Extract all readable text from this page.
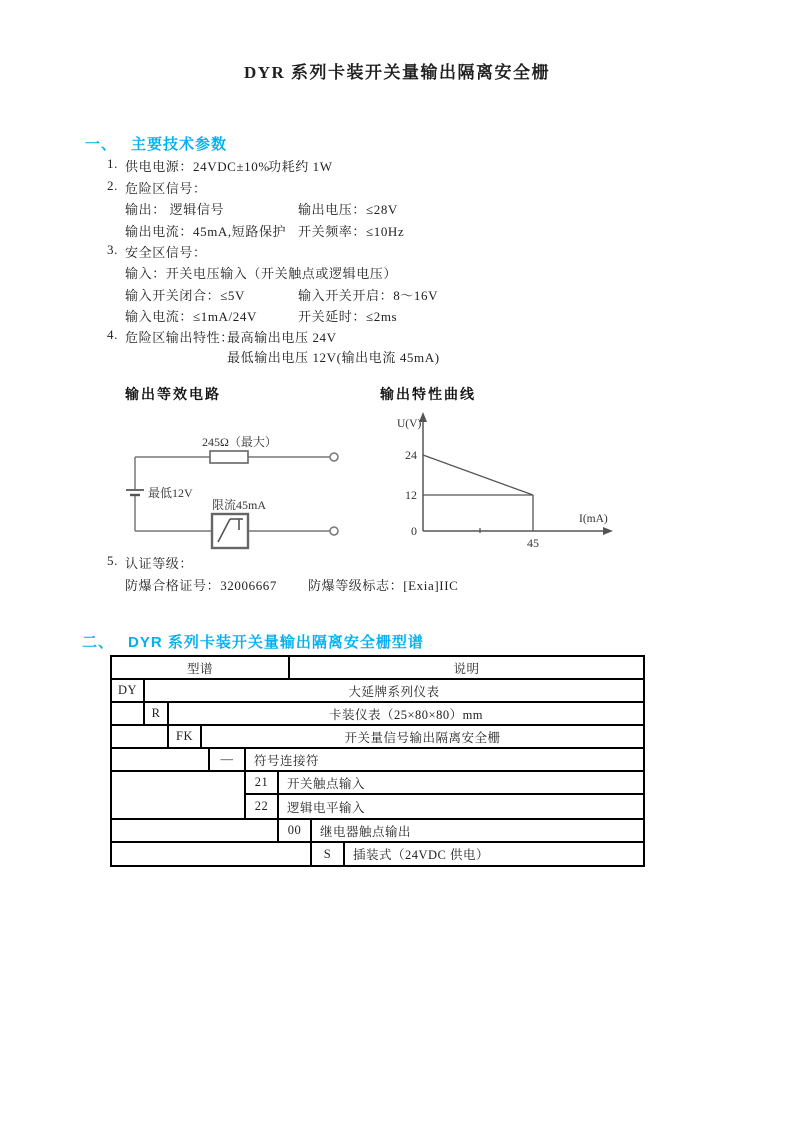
DYR 系列卡装开关量输出隔离安全栅
一、 主要技术参数
1. 供电电源：24VDC±10%
功耗约 1W
2. 危险区信号：
输出： 逻辑信号	输出电压：≤28V
输出电流：45mA,短路保护 开关频率：≤10Hz
3. 安全区信号：
输入：开关电压输入（开关触点或逻辑电压）
输入开关闭合：≤5V	输入开关开启：8～16V
输入电流：≤1mA/24V	开关延时：≤2ms
4. 危险区输出特性：
最高输出电压 24V
最低输出电压 12V(输出电流 45mA)
输出等效电路	输出特性曲线
245Ω（最大）
最低12V
限流45mA
U(V)
24
12
0
I(mA)
45
5. 认证等级：
防爆合格证号：32006667 防爆等级标志：[Exia]IIC
二、 DYR 系列卡装开关量输出隔离安全栅型谱
型谱	说明
DY	大延牌系列仪表
R	卡装仪表（25×80×80）mm
FK	开关量信号输出隔离安全栅
—	符号连接符
21	开关触点输入
22	逻辑电平输入
00	继电器触点输出
S	插装式（24VDC 供电）
